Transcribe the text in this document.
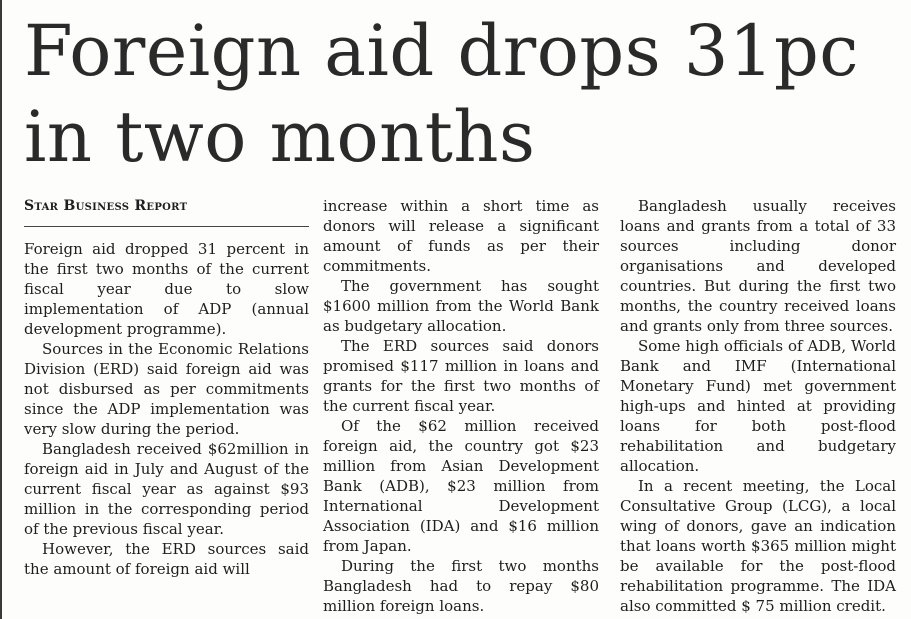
Foreign aid drops 31pc
in two months
Star Business Report

Foreign aid dropped 31 percent in the first two months of the current fiscal year due to slow implementation of ADP (annual development programme).

Sources in the Economic Relations Division (ERD) said foreign aid was not disbursed as per commitments since the ADP implementation was very slow during the period.

Bangladesh received $62million in foreign aid in July and August of the current fiscal year as against $93 million in the corresponding period of the previous fiscal year.

However, the ERD sources said the amount of foreign aid will

increase within a short time as donors will release a significant amount of funds as per their commitments.

The government has sought $1600 million from the World Bank as budgetary allocation.

The ERD sources said donors promised $117 million in loans and grants for the first two months of the current fiscal year.

Of the $62 million received foreign aid, the country got $23 million from Asian Development Bank (ADB), $23 million from International Development Association (IDA) and $16 million from Japan.

During the first two months Bangladesh had to repay $80 million foreign loans.

Bangladesh usually receives loans and grants from a total of 33 sources including donor organisations and developed countries. But during the first two months, the country received loans and grants only from three sources.

Some high officials of ADB, World Bank and IMF (International Monetary Fund) met government high-ups and hinted at providing loans for both post-flood rehabilitation and budgetary allocation.

In a recent meeting, the Local Consultative Group (LCG), a local wing of donors, gave an indication that loans worth $365 million might be available for the post-flood rehabilitation programme. The IDA also committed $ 75 million credit.
